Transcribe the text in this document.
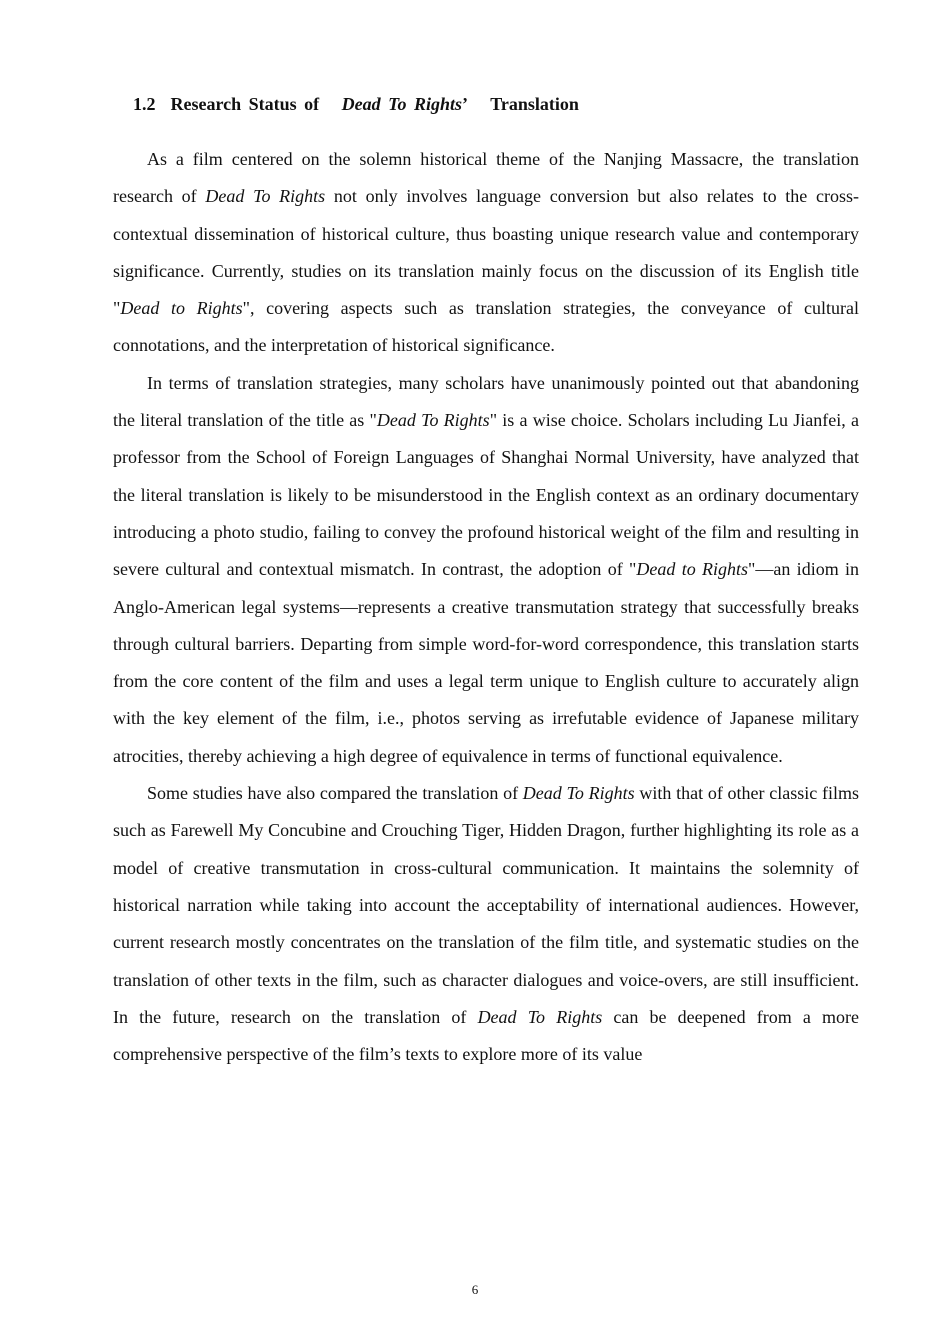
1.2 Research Status of Dead To Rights’ Translation

As a film centered on the solemn historical theme of the Nanjing Massacre, the translation research of Dead To Rights not only involves language conversion but also relates to the cross-contextual dissemination of historical culture, thus boasting unique research value and contemporary significance. Currently, studies on its translation mainly focus on the discussion of its English title "Dead to Rights", covering aspects such as translation strategies, the conveyance of cultural connotations, and the interpretation of historical significance.

In terms of translation strategies, many scholars have unanimously pointed out that abandoning the literal translation of the title as "Dead To Rights" is a wise choice. Scholars including Lu Jianfei, a professor from the School of Foreign Languages of Shanghai Normal University, have analyzed that the literal translation is likely to be misunderstood in the English context as an ordinary documentary introducing a photo studio, failing to convey the profound historical weight of the film and resulting in severe cultural and contextual mismatch. In contrast, the adoption of "Dead to Rights"—an idiom in Anglo-American legal systems—represents a creative transmutation strategy that successfully breaks through cultural barriers. Departing from simple word-for-word correspondence, this translation starts from the core content of the film and uses a legal term unique to English culture to accurately align with the key element of the film, i.e., photos serving as irrefutable evidence of Japanese military atrocities, thereby achieving a high degree of equivalence in terms of functional equivalence.

Some studies have also compared the translation of Dead To Rights with that of other classic films such as Farewell My Concubine and Crouching Tiger, Hidden Dragon, further highlighting its role as a model of creative transmutation in cross-cultural communication. It maintains the solemnity of historical narration while taking into account the acceptability of international audiences. However, current research mostly concentrates on the translation of the film title, and systematic studies on the translation of other texts in the film, such as character dialogues and voice-overs, are still insufficient. In the future, research on the translation of Dead To Rights can be deepened from a more comprehensive perspective of the film’s texts to explore more of its value

6
